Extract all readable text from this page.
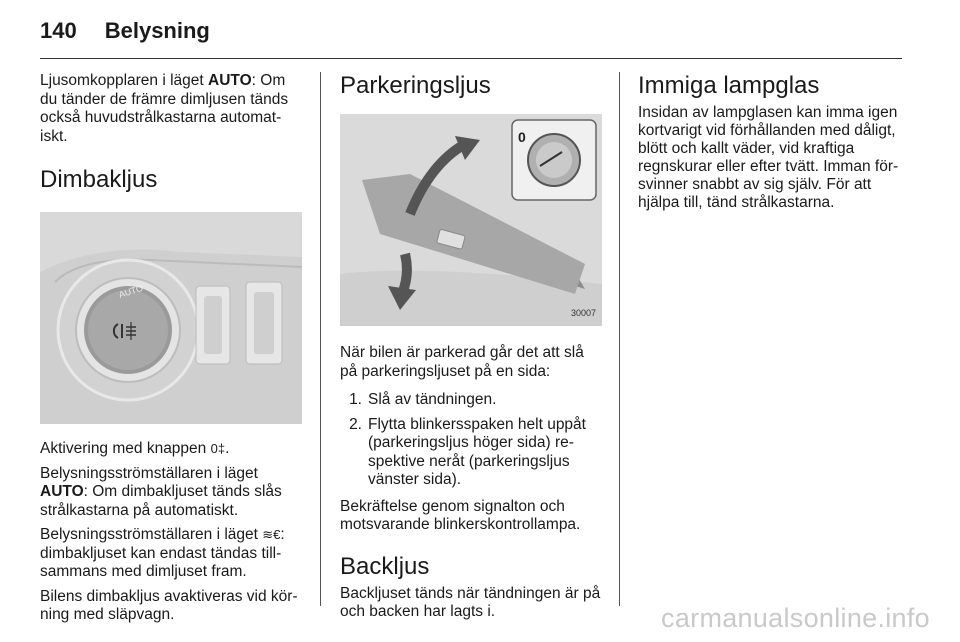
140 Belysning

Ljusomkopplaren i läget AUTO: Om du tänder de främre dimljusen tänds också huvudstrålkastarna automat-iskt.

Dimbakljus
AUTO

Aktivering med knappen 0‡.

Belysningsströmställaren i läget AUTO: Om dimbakljuset tänds slås strålkastarna på automatiskt.

Belysningsströmställaren i läget ≋€: dimbakljuset kan endast tändas till-sammans med dimljuset fram.

Bilens dimbakljus avaktiveras vid kör-ning med släpvagn.

Parkeringsljus
0
30007

När bilen är parkerad går det att slå på parkeringsljuset på en sida:

1. Slå av tändningen.
2. Flytta blinkersspaken helt uppåt (parkeringsljus höger sida) re-spektive neråt (parkeringsljus vänster sida).

Bekräftelse genom signalton och motsvarande blinkerskontrollampa.

Backljus

Backljuset tänds när tändningen är på och backen har lagts i.

Immiga lampglas

Insidan av lampglasen kan imma igen kortvarigt vid förhållanden med dåligt, blött och kallt väder, vid kraftiga regnskurar eller efter tvätt. Imman för-svinner snabbt av sig själv. För att hjälpa till, tänd strålkastarna.

carmanualsonline.info
